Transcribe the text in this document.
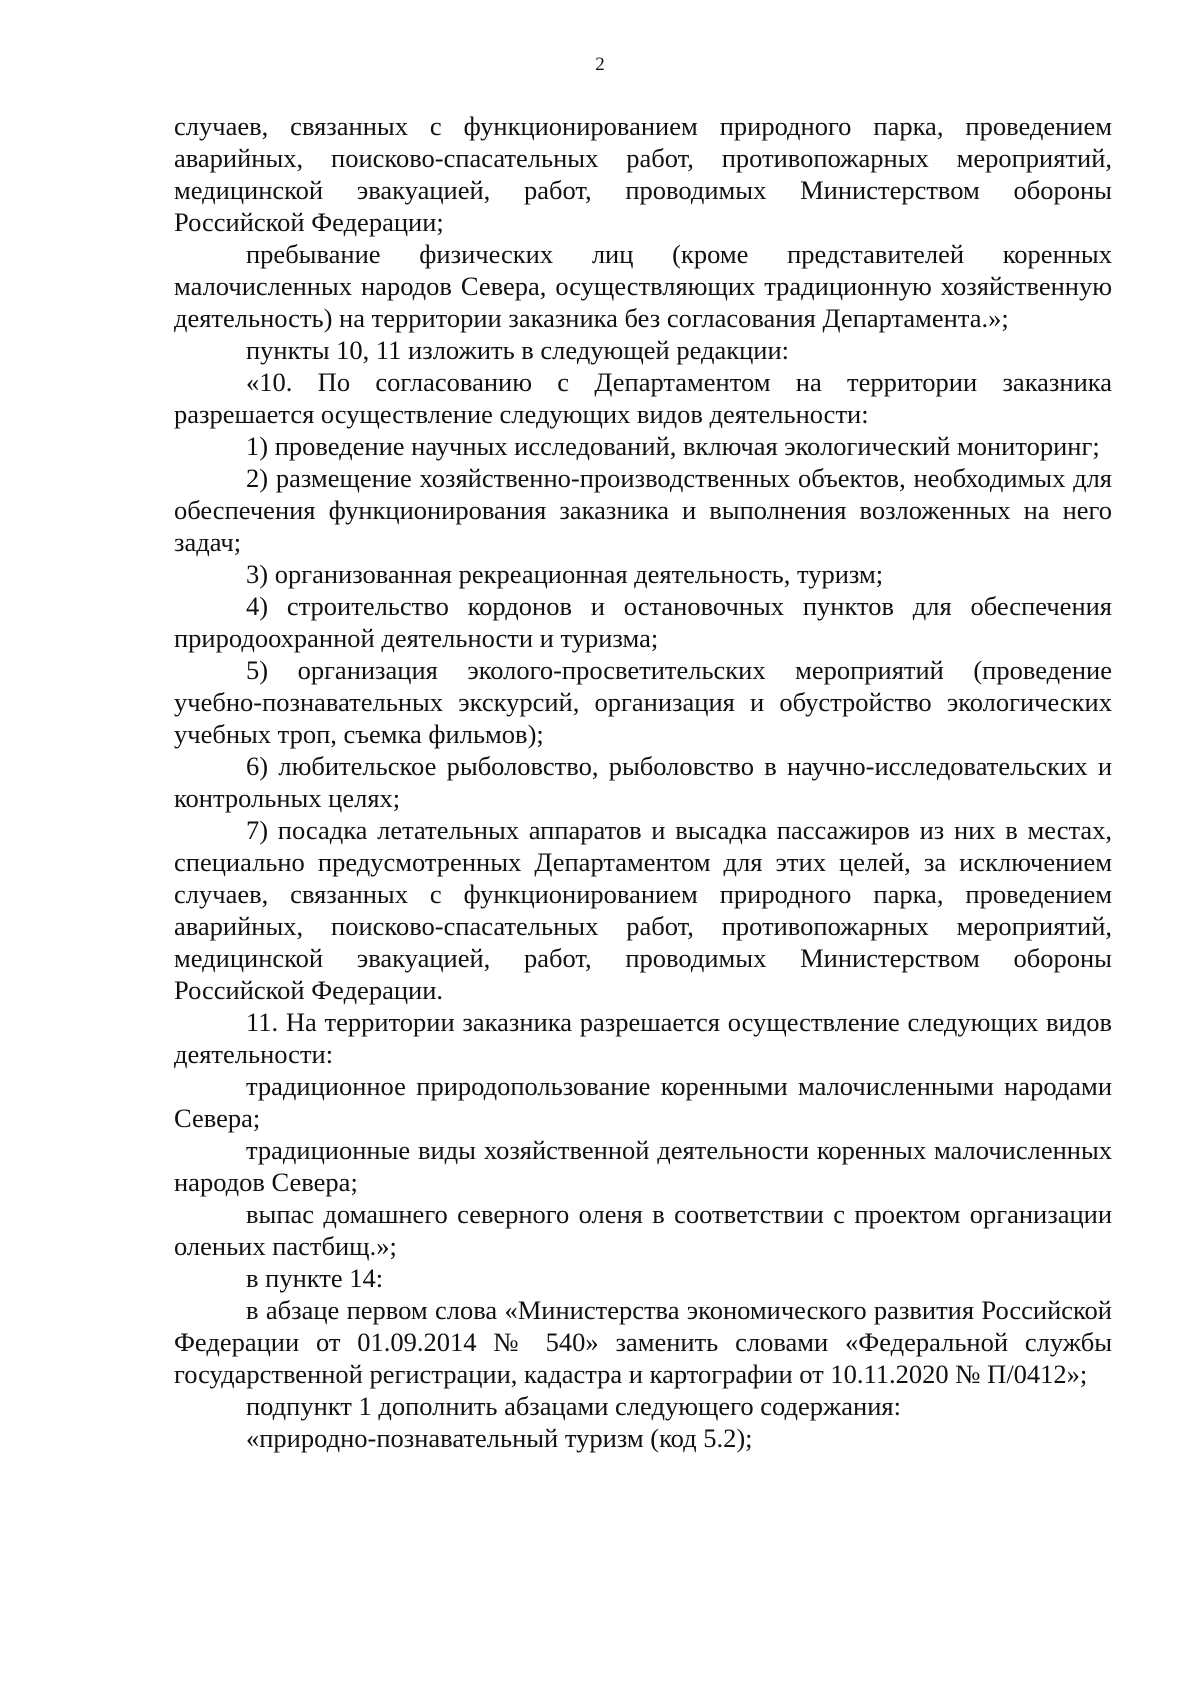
2

случаев, связанных с функционированием природного парка, проведением аварийных, поисково-спасательных работ, противопожарных мероприятий, медицинской эвакуацией, работ, проводимых Министерством обороны Российской Федерации;

пребывание физических лиц (кроме представителей коренных малочисленных народов Севера, осуществляющих традиционную хозяйственную деятельность) на территории заказника без согласования Департамента.»;

пункты 10, 11 изложить в следующей редакции:

«10. По согласованию с Департаментом на территории заказника разрешается осуществление следующих видов деятельности:

1) проведение научных исследований, включая экологический мониторинг;

2) размещение хозяйственно-производственных объектов, необходимых для обеспечения функционирования заказника и выполнения возложенных на него задач;

3) организованная рекреационная деятельность, туризм;

4) строительство кордонов и остановочных пунктов для обеспечения природоохранной деятельности и туризма;

5) организация эколого-просветительских мероприятий (проведение учебно-познавательных экскурсий, организация и обустройство экологических учебных троп, съемка фильмов);

6) любительское рыболовство, рыболовство в научно-исследовательских и контрольных целях;

7) посадка летательных аппаратов и высадка пассажиров из них в местах, специально предусмотренных Департаментом для этих целей, за исключением случаев, связанных с функционированием природного парка, проведением аварийных, поисково-спасательных работ, противопожарных мероприятий, медицинской эвакуацией, работ, проводимых Министерством обороны Российской Федерации.

11. На территории заказника разрешается осуществление следующих видов деятельности:

традиционное природопользование коренными малочисленными народами Севера;

традиционные виды хозяйственной деятельности коренных малочисленных народов Севера;

выпас домашнего северного оленя в соответствии с проектом организации оленьих пастбищ.»;

в пункте 14:

в абзаце первом слова «Министерства экономического развития Российской Федерации от 01.09.2014 № 540» заменить словами «Федеральной службы государственной регистрации, кадастра и картографии от 10.11.2020 № П/0412»;

подпункт 1 дополнить абзацами следующего содержания:

«природно-познавательный туризм (код 5.2);
